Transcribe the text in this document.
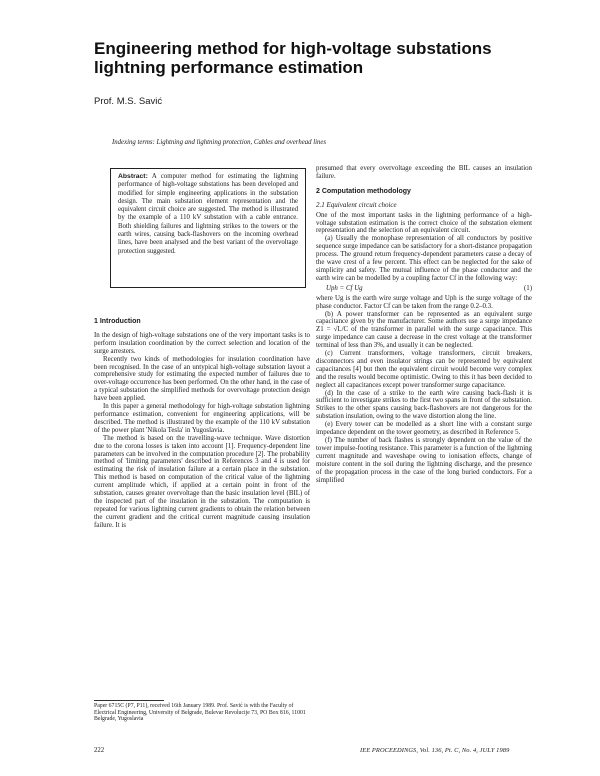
Engineering method for high-voltage substations lightning performance estimation
Prof. M.S. Savić
Indexing terms: Lightning and lightning protection, Cables and overhead lines
Abstract: A computer method for estimating the lightning performance of high-voltage substations has been developed and modified for simple engineering applications in the substation design. The main substation element representation and the equivalent circuit choice are suggested. The method is illustrated by the example of a 110 kV substation with a cable entrance. Both shielding failures and lightning strikes to the towers or the earth wires, causing back-flashovers on the incoming overhead lines, have been analysed and the best variant of the overvoltage protection suggested.
1 Introduction

In the design of high-voltage substations one of the very important tasks is to perform insulation coordination by the correct selection and location of the surge arresters.

Recently two kinds of methodologies for insulation coordination have been recognised. In the case of an untypical high-voltage substation layout a comprehensive study for estimating the expected number of failures due to over-voltage occurrence has been performed. On the other hand, in the case of a typical substation the simplified methods for overvoltage protection design have been applied.

In this paper a general methodology for high-voltage substation lightning performance estimation, convenient for engineering applications, will be described. The method is illustrated by the example of the 110 kV substation of the power plant 'Nikola Tesla' in Yugoslavia.

The method is based on the travelling-wave technique. Wave distortion due to the corona losses is taken into account [1]. Frequency-dependent line parameters can be involved in the computation procedure [2]. The probability method of 'limiting parameters' described in References 3 and 4 is used for estimating the risk of insulation failure at a certain place in the substation. This method is based on computation of the critical value of the lightning current amplitude which, if applied at a certain point in front of the substation, causes greater overvoltage than the basic insulation level (BIL) of the inspected part of the insulation in the substation. The computation is repeated for various lightning current gradients to obtain the relation between the current gradient and the critical current magnitude causing insulation failure. It is

presumed that every overvoltage exceeding the BIL causes an insulation failure.

2 Computation methodology
2.1 Equivalent circuit choice

One of the most important tasks in the lightning performance of a high-voltage substation estimation is the correct choice of the substation element representation and the selection of an equivalent circuit.

(a) Usually the monophase representation of all conductors by positive sequence surge impedance can be satisfactory for a short-distance propagation process. The ground return frequency-dependent parameters cause a decay of the wave crest of a few percent. This effect can be neglected for the sake of simplicity and safety. The mutual influence of the phase conductor and the earth wire can be modelled by a coupling factor Cf in the following way:

Uph = Cf Ug	(1)

where Ug is the earth wire surge voltage and Uph is the surge voltage of the phase conductor. Factor Cf can be taken from the range 0.2–0.3.

(b) A power transformer can be represented as an equivalent surge capacitance given by the manufacturer. Some authors use a surge impedance Z1 = √L/C of the transformer in parallel with the surge capacitance. This surge impedance can cause a decrease in the crest voltage at the transformer terminal of less than 3%, and usually it can be neglected.

(c) Current transformers, voltage transformers, circuit breakers, disconnectors and even insulator strings can be represented by equivalent capacitances [4] but then the equivalent circuit would become very complex and the results would become optimistic. Owing to this it has been decided to neglect all capacitances except power transformer surge capacitance.

(d) In the case of a strike to the earth wire causing back-flash it is sufficient to investigate strikes to the first two spans in front of the substation. Strikes to the other spans causing back-flashovers are not dangerous for the substation insulation, owing to the wave distortion along the line.

(e) Every tower can be modelled as a short line with a constant surge impedance dependent on the tower geometry, as described in Reference 5.

(f) The number of back flashes is strongly dependent on the value of the tower impulse-footing resistance. This parameter is a function of the lightning current magnitude and waveshape owing to ionisation effects, change of moisture content in the soil during the lightning discharge, and the presence of the propagation process in the case of the long buried conductors. For a simplified

Paper 6715C (P7, P11), received 16th January 1989. Prof. Savić is with the Faculty of Electrical Engineering, University of Belgrade, Bulevar Revolucije 73, PO Box 816, 11001 Belgrade, Yugoslavia
222	IEE PROCEEDINGS, Vol. 136, Pt. C, No. 4, JULY 1989
